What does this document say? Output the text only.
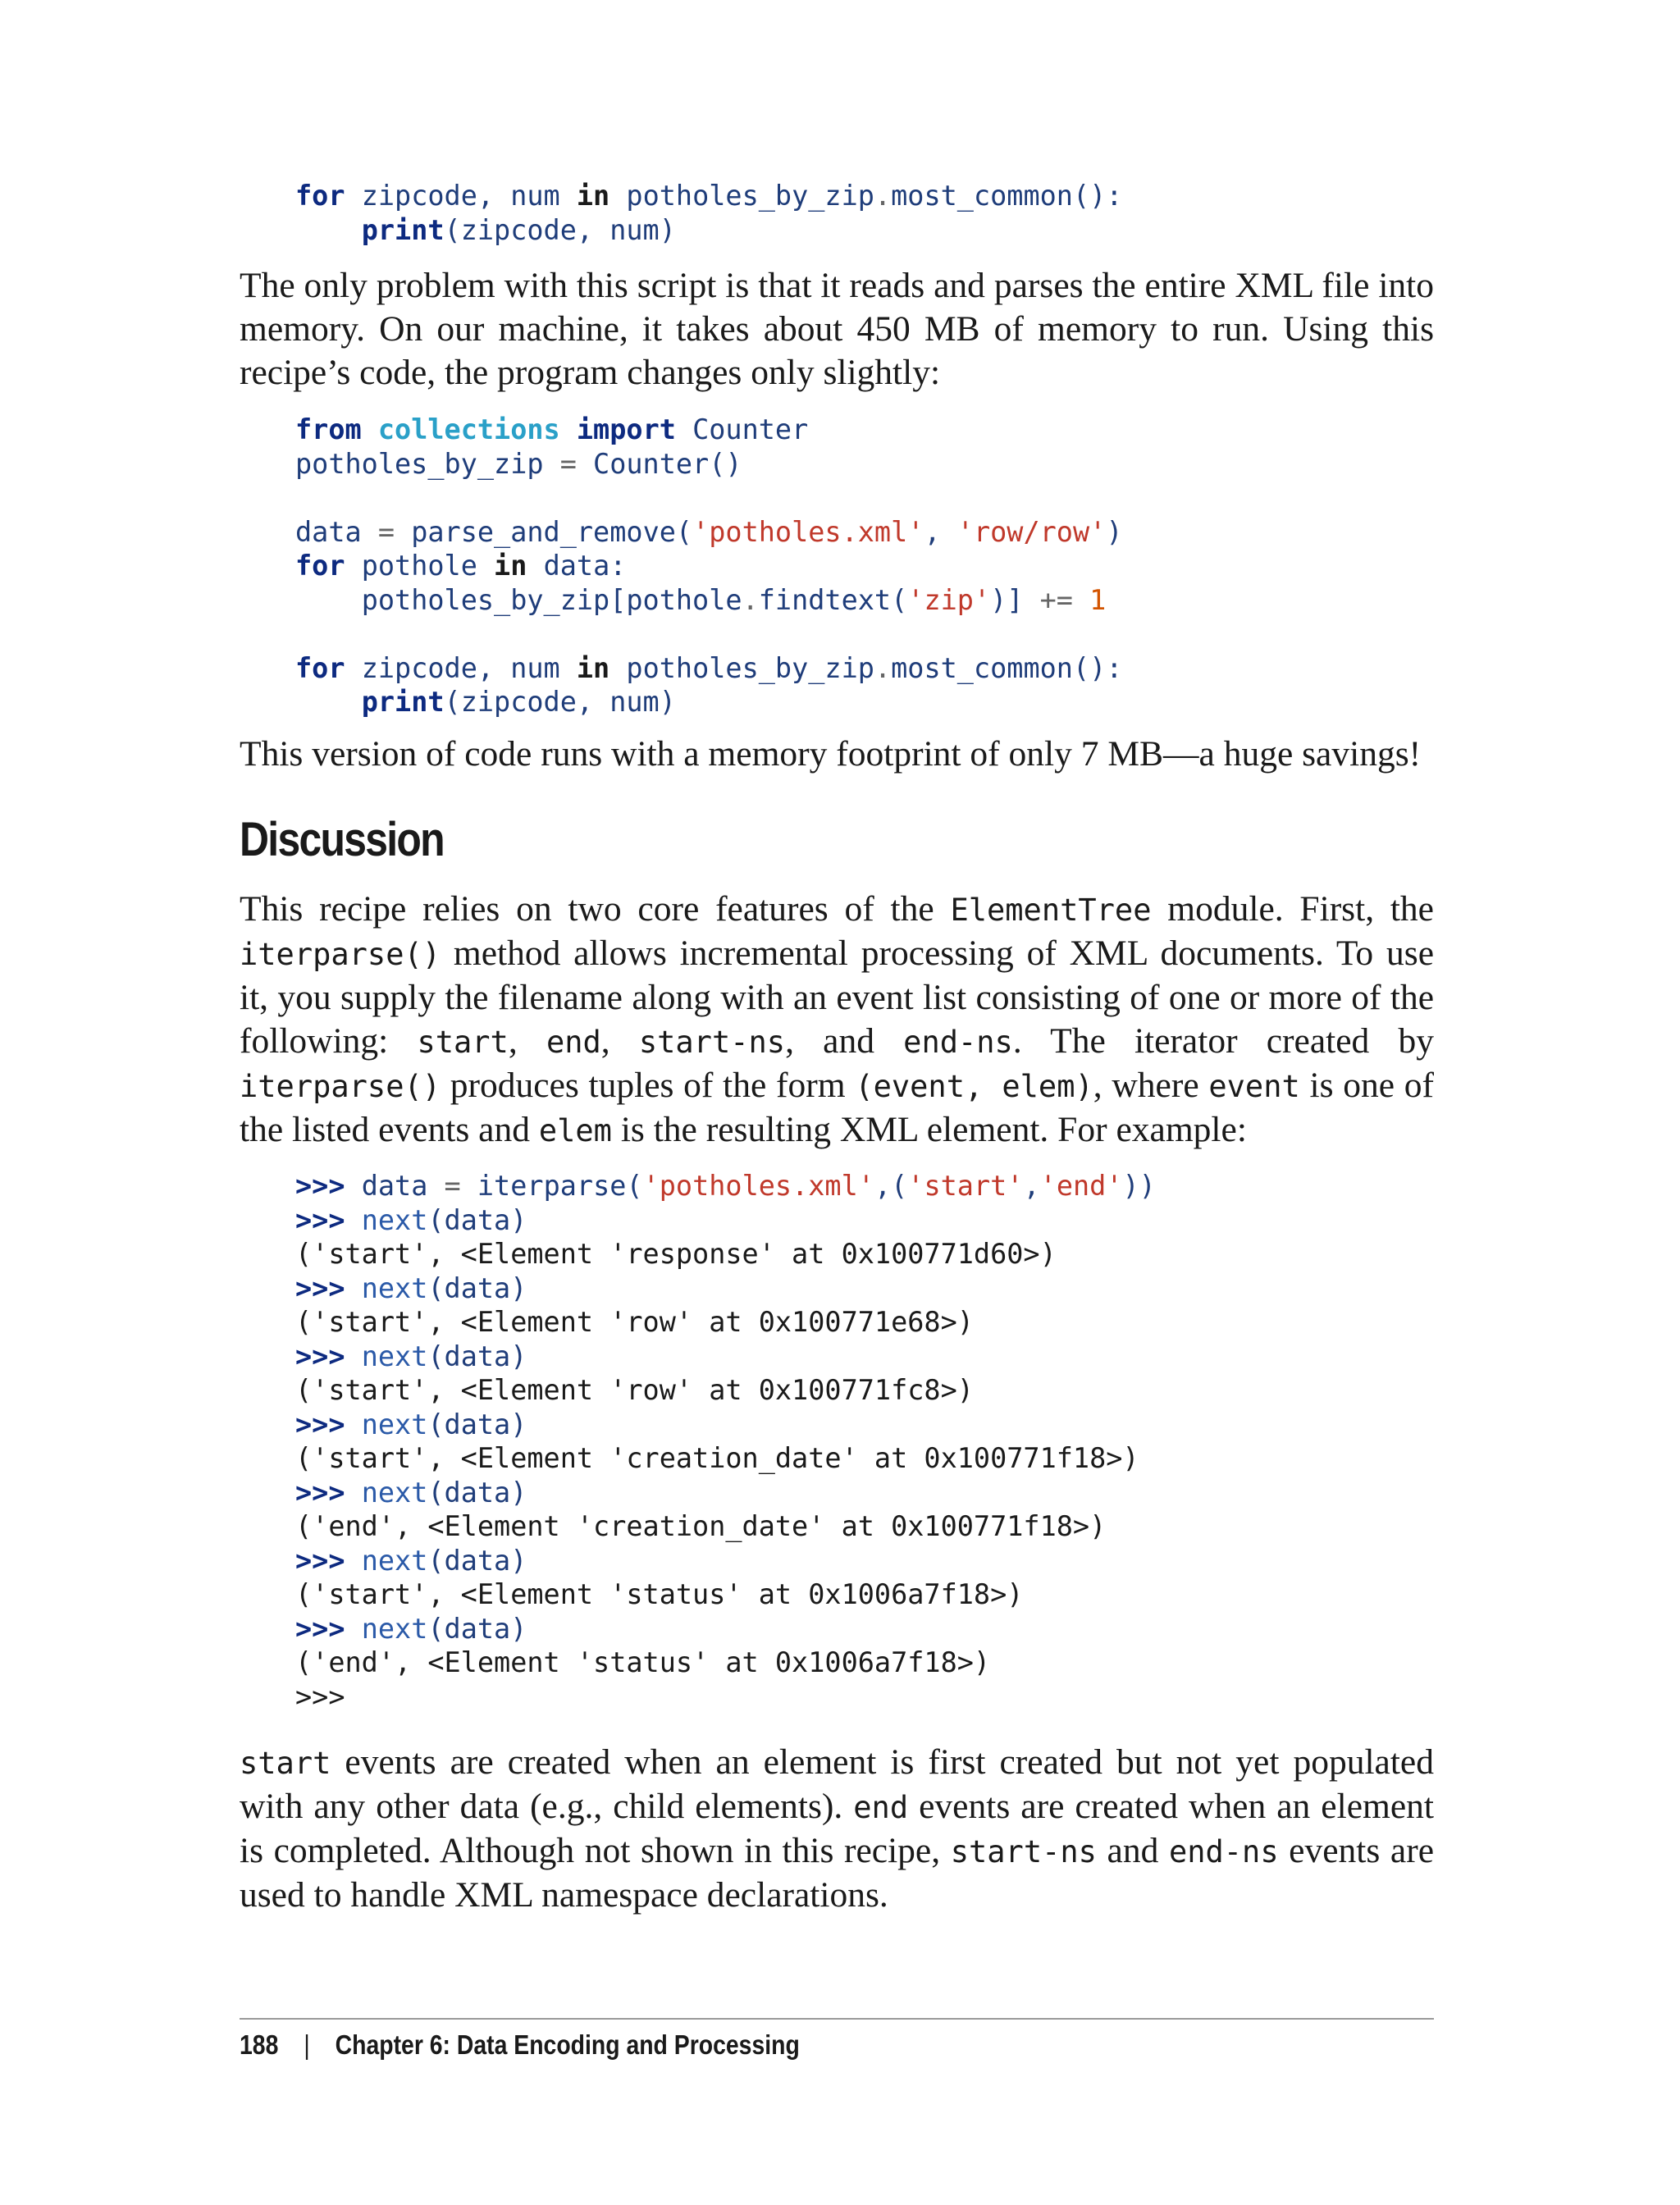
for zipcode, num in potholes_by_zip.most_common():
print(zipcode, num)

The only problem with this script is that it reads and parses the entire XML file into memory. On our machine, it takes about 450 MB of memory to run. Using this recipe’s code, the program changes only slightly:

from collections import Counter
potholes_by_zip = Counter()

data = parse_and_remove('potholes.xml', 'row/row')
for pothole in data:
potholes_by_zip[pothole.findtext('zip')] += 1

for zipcode, num in potholes_by_zip.most_common():
print(zipcode, num)

This version of code runs with a memory footprint of only 7 MB—a huge savings!

Discussion

This recipe relies on two core features of the ElementTree module. First, the iterparse() method allows incremental processing of XML documents. To use it, you supply the filename along with an event list consisting of one or more of the following: start, end, start-ns, and end-ns. The iterator created by iterparse() produces tuples of the form (event, elem), where event is one of the listed events and elem is the resulting XML element. For example:

>>> data = iterparse('potholes.xml',('start','end'))
>>> next(data)
('start', <Element 'response' at 0x100771d60>)
>>> next(data)
('start', <Element 'row' at 0x100771e68>)
>>> next(data)
('start', <Element 'row' at 0x100771fc8>)
>>> next(data)
('start', <Element 'creation_date' at 0x100771f18>)
>>> next(data)
('end', <Element 'creation_date' at 0x100771f18>)
>>> next(data)
('start', <Element 'status' at 0x1006a7f18>)
>>> next(data)
('end', <Element 'status' at 0x1006a7f18>)
>>>

start events are created when an element is first created but not yet populated with any other data (e.g., child elements). end events are created when an element is completed. Although not shown in this recipe, start-ns and end-ns events are used to handle XML namespace declarations.

188 | Chapter 6: Data Encoding and Processing
